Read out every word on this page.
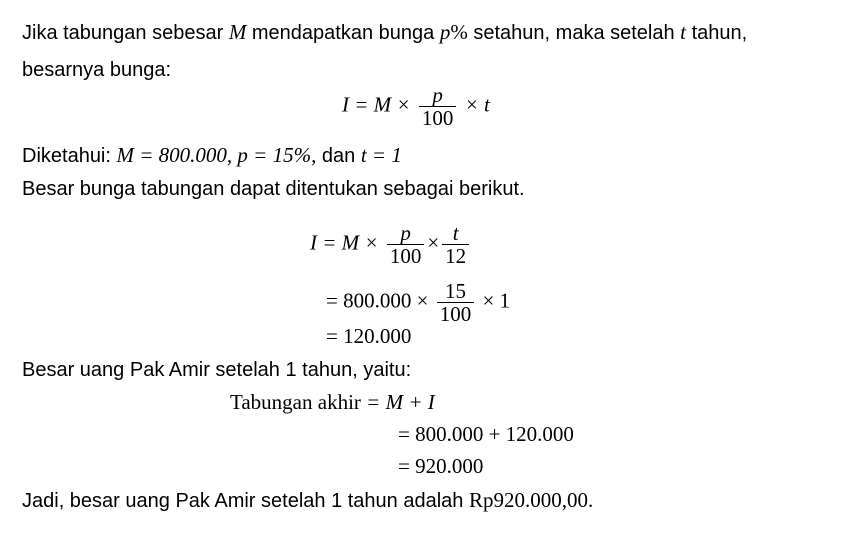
Jika tabungan sebesar M mendapatkan bunga p% setahun, maka setelah t tahun,
besarnya bunga:
$I = M \times \frac{p}{100} \times t$
Diketahui: M = 800.000, p = 15%, dan t = 1
Besar bunga tabungan dapat ditentukan sebagai berikut.
$I = M \times \frac{p}{100} \times \frac{t}{12}$
= $800.000 \times \frac{15}{100} \times 1$
= 120.000
Besar uang Pak Amir setelah 1 tahun, yaitu:
Tabungan akhir = M + I
= 800.000 + 120.000
= 920.000
Jadi, besar uang Pak Amir setelah 1 tahun adalah Rp920.000,00.
